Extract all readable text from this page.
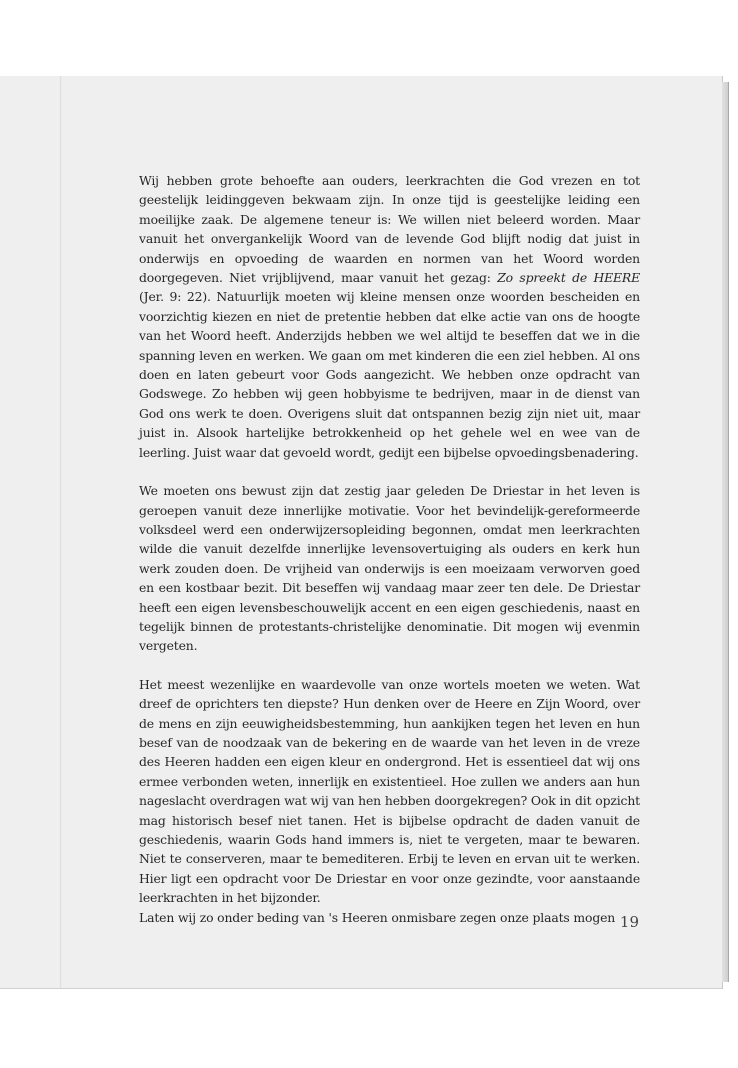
Wij hebben grote behoefte aan ouders, leerkrachten die God vrezen en tot geestelijk leidinggeven bekwaam zijn. In onze tijd is geestelijke leiding een moeilijke zaak. De algemene teneur is: We willen niet beleerd worden. Maar vanuit het onvergankelijk Woord van de levende God blijft nodig dat juist in onderwijs en opvoeding de waarden en normen van het Woord worden doorgegeven. Niet vrijblijvend, maar vanuit het gezag: Zo spreekt de HEERE (Jer. 9: 22). Natuurlijk moeten wij kleine mensen onze woorden bescheiden en voorzichtig kiezen en niet de pretentie hebben dat elke actie van ons de hoogte van het Woord heeft. Anderzijds hebben we wel altijd te beseffen dat we in die spanning leven en werken. We gaan om met kinderen die een ziel hebben. Al ons doen en laten gebeurt voor Gods aangezicht. We hebben onze opdracht van Godswege. Zo hebben wij geen hobbyisme te bedrijven, maar in de dienst van God ons werk te doen. Overigens sluit dat ontspannen bezig zijn niet uit, maar juist in. Alsook hartelijke betrokkenheid op het gehele wel en wee van de leerling. Juist waar dat gevoeld wordt, gedijt een bijbelse opvoedingsbenadering.

We moeten ons bewust zijn dat zestig jaar geleden De Driestar in het leven is geroepen vanuit deze innerlijke motivatie. Voor het bevindelijk-gereformeerde volksdeel werd een onderwijzersopleiding begonnen, omdat men leerkrachten wilde die vanuit dezelfde innerlijke levensovertuiging als ouders en kerk hun werk zouden doen. De vrijheid van onderwijs is een moeizaam verworven goed en een kostbaar bezit. Dit beseffen wij vandaag maar zeer ten dele. De Driestar heeft een eigen levensbeschouwelijk accent en een eigen geschiedenis, naast en tegelijk binnen de protestants-christelijke denominatie. Dit mogen wij evenmin vergeten.

Het meest wezenlijke en waardevolle van onze wortels moeten we weten. Wat dreef de oprichters ten diepste? Hun denken over de Heere en Zijn Woord, over de mens en zijn eeuwigheidsbestemming, hun aankijken tegen het leven en hun besef van de noodzaak van de bekering en de waarde van het leven in de vreze des Heeren hadden een eigen kleur en ondergrond. Het is essentieel dat wij ons ermee verbonden weten, innerlijk en existentieel. Hoe zullen we anders aan hun nageslacht overdragen wat wij van hen hebben doorgekregen? Ook in dit opzicht mag historisch besef niet tanen. Het is bijbelse opdracht de daden vanuit de geschiedenis, waarin Gods hand immers is, niet te vergeten, maar te bewaren. Niet te conserveren, maar te bemediteren. Erbij te leven en ervan uit te werken. Hier ligt een opdracht voor De Driestar en voor onze gezindte, voor aanstaande leerkrachten in het bijzonder.

Laten wij zo onder beding van 's Heeren onmisbare zegen onze plaats mogen 19
